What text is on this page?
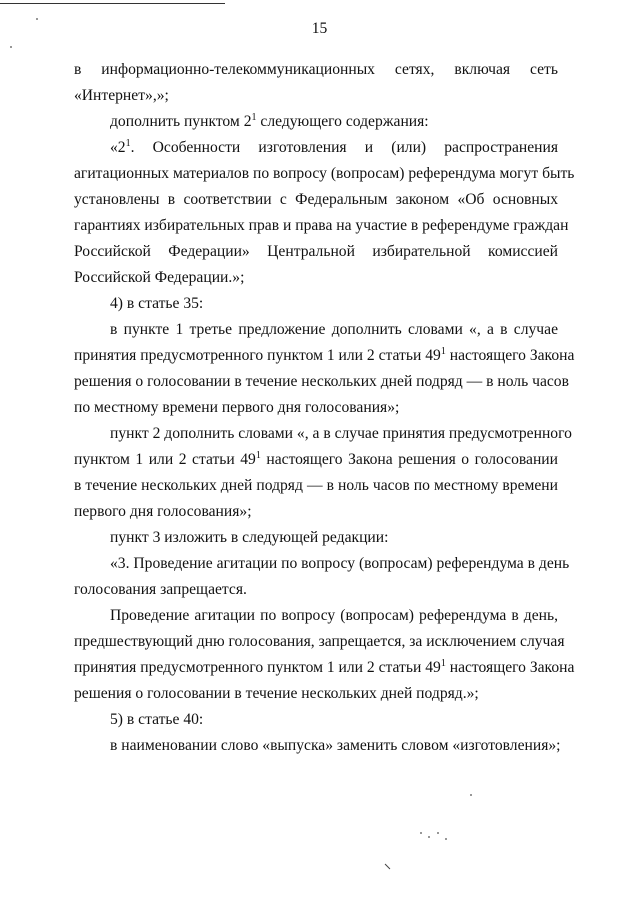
15
в информационно-телекоммуникационных сетях, включая сеть
«Интернет»,»;
дополнить пунктом $2^1$ следующего содержания:
«$2^1$. Особенности изготовления и (или) распространения
агитационных материалов по вопросу (вопросам) референдума могут быть
установлены в соответствии с Федеральным законом «Об основных
гарантиях избирательных прав и права на участие в референдуме граждан
Российской Федерации» Центральной избирательной комиссией
Российской Федерации.»;
4) в статье 35:
в пункте 1 третье предложение дополнить словами «, а в случае
принятия предусмотренного пунктом 1 или 2 статьи $49^1$ настоящего Закона
решения о голосовании в течение нескольких дней подряд — в ноль часов
по местному времени первого дня голосования»;
пункт 2 дополнить словами «, а в случае принятия предусмотренного
пунктом 1 или 2 статьи $49^1$ настоящего Закона решения о голосовании
в течение нескольких дней подряд — в ноль часов по местному времени
первого дня голосования»;
пункт 3 изложить в следующей редакции:
«3. Проведение агитации по вопросу (вопросам) референдума в день
голосования запрещается.
Проведение агитации по вопросу (вопросам) референдума в день,
предшествующий дню голосования, запрещается, за исключением случая
принятия предусмотренного пунктом 1 или 2 статьи $49^1$ настоящего Закона
решения о голосовании в течение нескольких дней подряд.»;
5) в статье 40:
в наименовании слово «выпуска» заменить словом «изготовления»;
